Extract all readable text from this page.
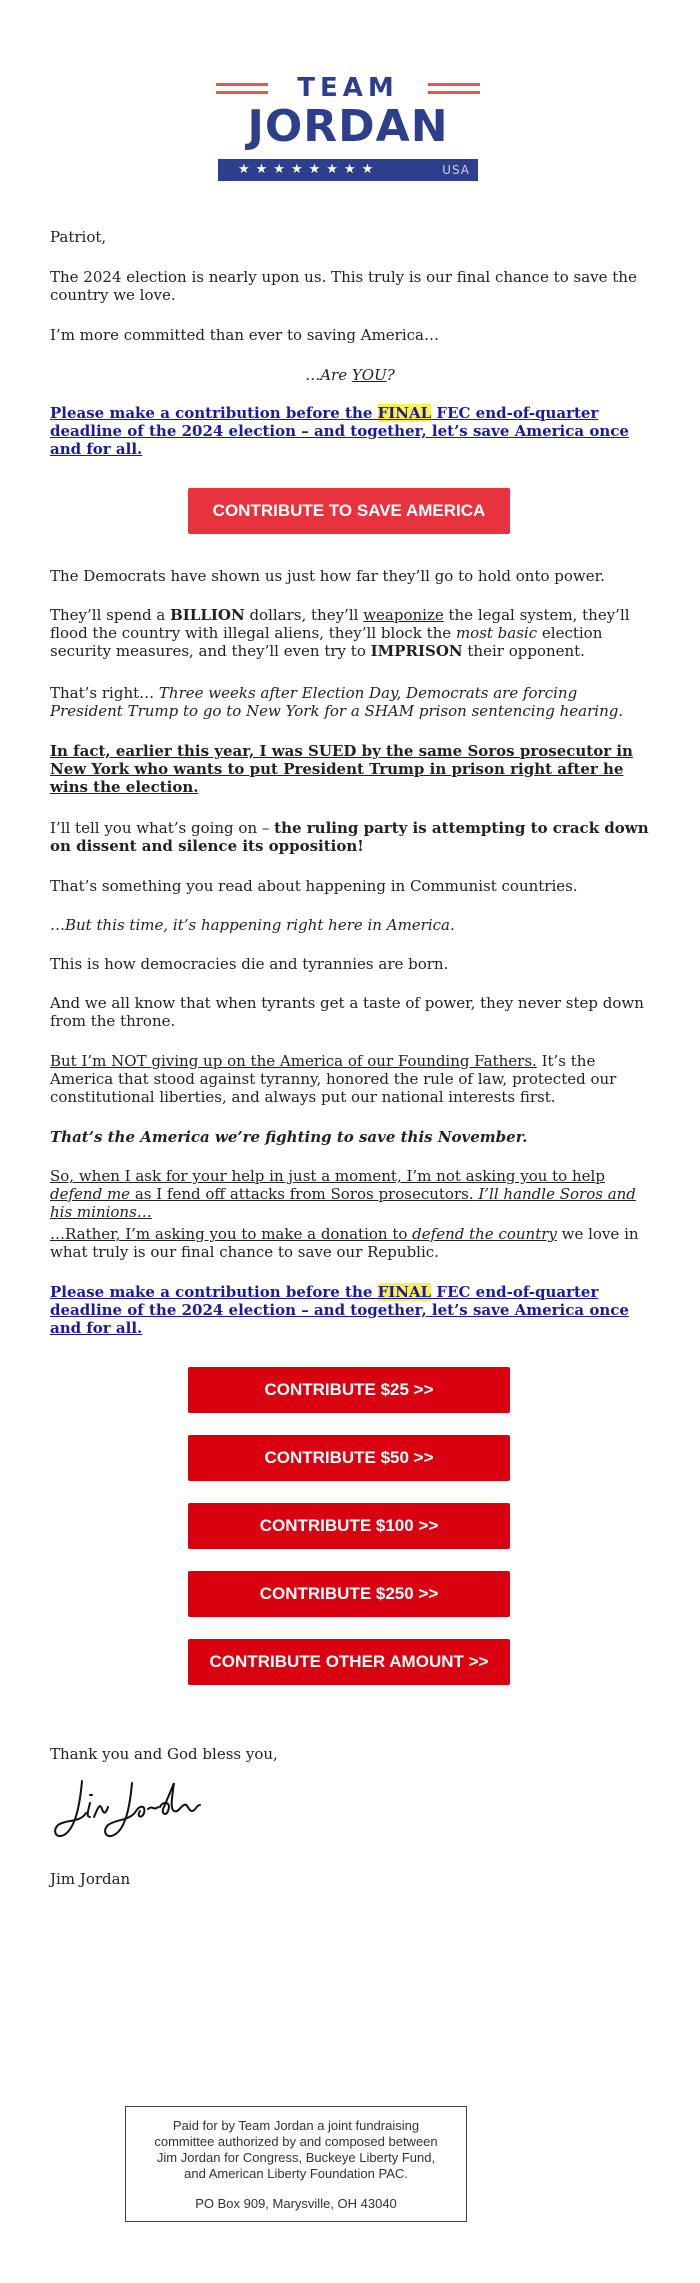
TEAM
JORDAN
★★★★★★★★	USA
Patriot,
The 2024 election is nearly upon us. This truly is our final chance to save the country we love.
I’m more committed than ever to saving America…
…Are YOU?
Please make a contribution before the FINAL FEC end-of-quarter deadline of the 2024 election – and together, let’s save America once and for all.
CONTRIBUTE TO SAVE AMERICA
The Democrats have shown us just how far they’ll go to hold onto power.
They’ll spend a BILLION dollars, they’ll weaponize the legal system, they’ll flood the country with illegal aliens, they’ll block the most basic election security measures, and they’ll even try to IMPRISON their opponent.
That’s right… Three weeks after Election Day, Democrats are forcing President Trump to go to New York for a SHAM prison sentencing hearing.
In fact, earlier this year, I was SUED by the same Soros prosecutor in New York who wants to put President Trump in prison right after he wins the election.
I’ll tell you what’s going on – the ruling party is attempting to crack down on dissent and silence its opposition!
That’s something you read about happening in Communist countries.
…But this time, it’s happening right here in America.
This is how democracies die and tyrannies are born.
And we all know that when tyrants get a taste of power, they never step down from the throne.
But I’m NOT giving up on the America of our Founding Fathers. It’s the America that stood against tyranny, honored the rule of law, protected our constitutional liberties, and always put our national interests first.
That’s the America we’re fighting to save this November.
So, when I ask for your help in just a moment, I’m not asking you to help defend me as I fend off attacks from Soros prosecutors. I’ll handle Soros and his minions…
…Rather, I’m asking you to make a donation to defend the country we love in what truly is our final chance to save our Republic.
Please make a contribution before the FINAL FEC end-of-quarter deadline of the 2024 election – and together, let’s save America once and for all.
CONTRIBUTE $25 >>
CONTRIBUTE $50 >>
CONTRIBUTE $100 >>
CONTRIBUTE $250 >>
CONTRIBUTE OTHER AMOUNT >>
Thank you and God bless you,
Jim Jordan
Paid for by Team Jordan a joint fundraising committee authorized by and composed between Jim Jordan for Congress, Buckeye Liberty Fund, and American Liberty Foundation PAC.
PO Box 909, Marysville, OH 43040
